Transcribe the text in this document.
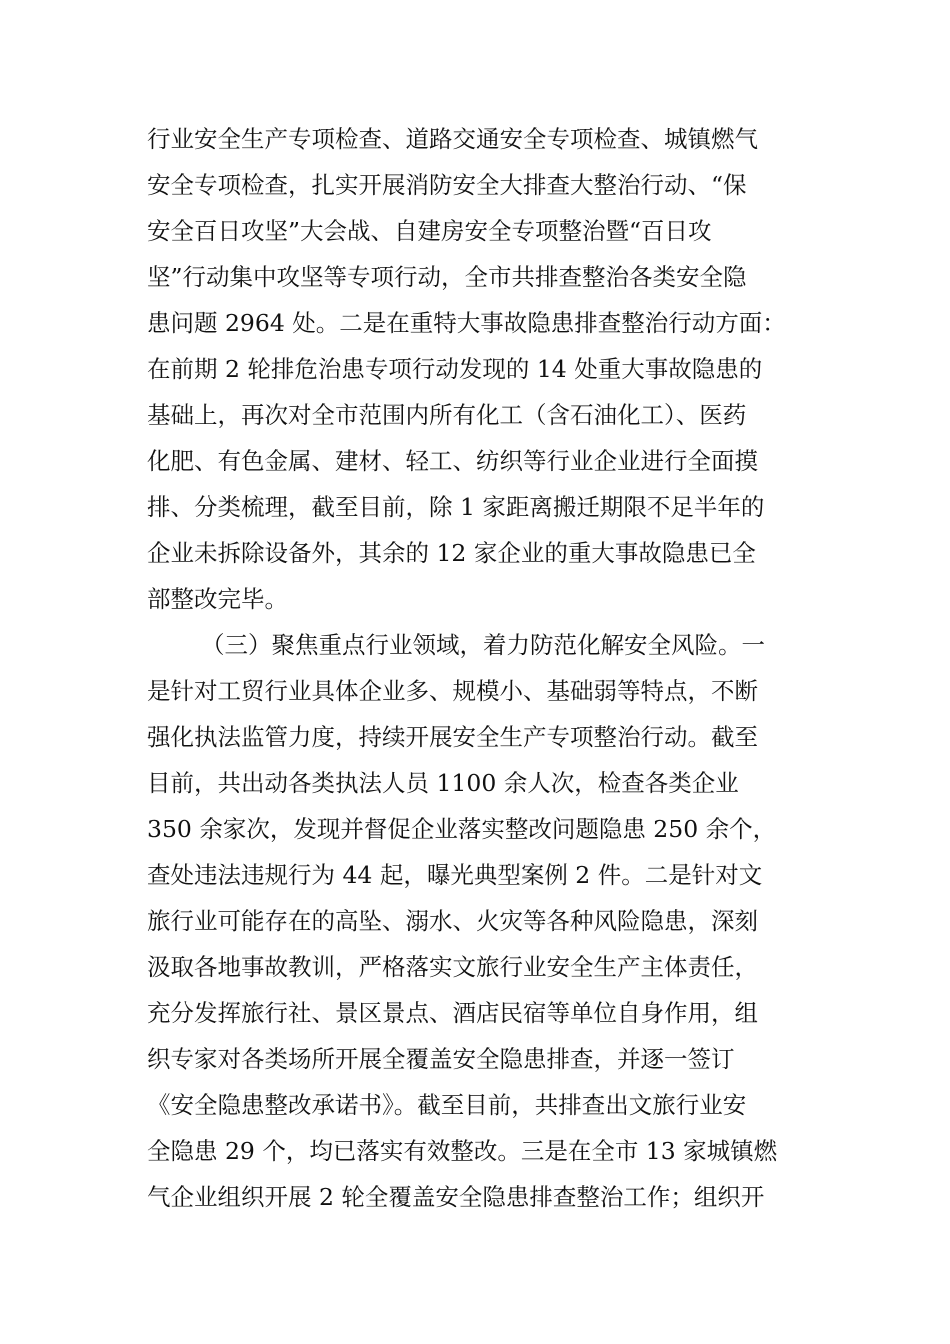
行业安全生产专项检查、道路交通安全专项检查、城镇燃气
安全专项检查，扎实开展消防安全大排查大整治行动、“保
安全百日攻坚”大会战、自建房安全专项整治暨“百日攻
坚”行动集中攻坚等专项行动，全市共排查整治各类安全隐
患问题 2964 处。二是在重特大事故隐患排查整治行动方面：
在前期 2 轮排危治患专项行动发现的 14 处重大事故隐患的
基础上，再次对全市范围内所有化工（含石油化工）、医药
化肥、有色金属、建材、轻工、纺织等行业企业进行全面摸
排、分类梳理，截至目前，除 1 家距离搬迁期限不足半年的
企业未拆除设备外，其余的 12 家企业的重大事故隐患已全
部整改完毕。
（三）聚焦重点行业领域，着力防范化解安全风险。一
是针对工贸行业具体企业多、规模小、基础弱等特点，不断
强化执法监管力度，持续开展安全生产专项整治行动。截至
目前，共出动各类执法人员 1100 余人次，检查各类企业
350 余家次，发现并督促企业落实整改问题隐患 250 余个，
查处违法违规行为 44 起，曝光典型案例 2 件。二是针对文
旅行业可能存在的高坠、溺水、火灾等各种风险隐患，深刻
汲取各地事故教训，严格落实文旅行业安全生产主体责任，
充分发挥旅行社、景区景点、酒店民宿等单位自身作用，组
织专家对各类场所开展全覆盖安全隐患排查，并逐一签订
《安全隐患整改承诺书》。截至目前，共排查出文旅行业安
全隐患 29 个，均已落实有效整改。三是在全市 13 家城镇燃
气企业组织开展 2 轮全覆盖安全隐患排查整治工作；组织开
